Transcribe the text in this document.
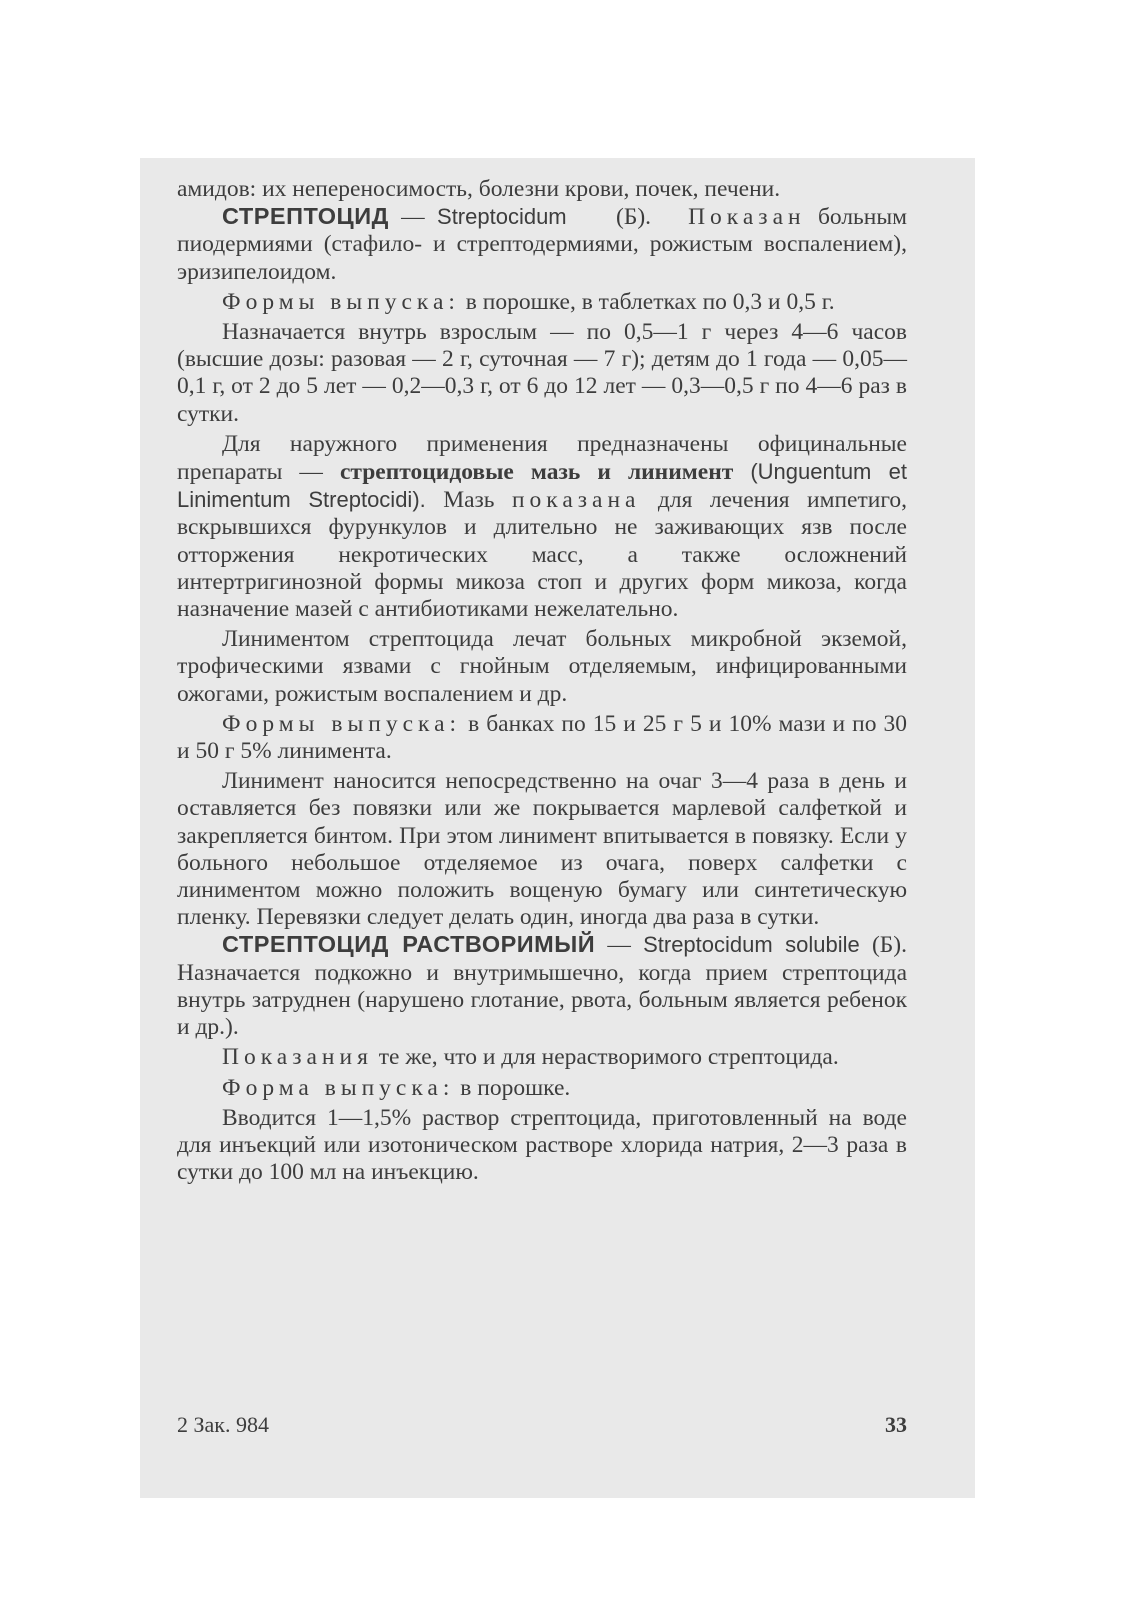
амидов: их непереносимость, болезни крови, почек, печени.

СТРЕПТОЦИД — Streptocidum (Б). Показан больным пиодермиями (стафило- и стрептодермиями, рожистым воспалением), эризипелоидом.

Формы выпуска: в порошке, в таблетках по 0,3 и 0,5 г.

Назначается внутрь взрослым — по 0,5—1 г через 4—6 часов (высшие дозы: разовая — 2 г, суточная — 7 г); детям до 1 года — 0,05—0,1 г, от 2 до 5 лет — 0,2—0,3 г, от 6 до 12 лет — 0,3—0,5 г по 4—6 раз в сутки.

Для наружного применения предназначены официнальные препараты — стрептоцидовые мазь и линимент (Unguentum et Linimentum Streptocidi). Мазь показана для лечения импетиго, вскрывшихся фурункулов и длительно не заживающих язв после отторжения некротических масс, а также осложнений интертригинозной формы микоза стоп и других форм микоза, когда назначение мазей с антибиотиками нежелательно.

Линиментом стрептоцида лечат больных микробной экземой, трофическими язвами с гнойным отделяемым, инфицированными ожогами, рожистым воспалением и др.

Формы выпуска: в банках по 15 и 25 г 5 и 10% мази и по 30 и 50 г 5% линимента.

Линимент наносится непосредственно на очаг 3—4 раза в день и оставляется без повязки или же покрывается марлевой салфеткой и закрепляется бинтом. При этом линимент впитывается в повязку. Если у больного небольшое отделяемое из очага, поверх салфетки с линиментом можно положить вощеную бумагу или синтетическую пленку. Перевязки следует делать один, иногда два раза в сутки.

СТРЕПТОЦИД РАСТВОРИМЫЙ — Streptocidum solubile (Б). Назначается подкожно и внутримышечно, когда прием стрептоцида внутрь затруднен (нарушено глотание, рвота, больным является ребенок и др.).

Показания те же, что и для нерастворимого стрептоцида.

Форма выпуска: в порошке.

Вводится 1—1,5% раствор стрептоцида, приготовленный на воде для инъекций или изотоническом растворе хлорида натрия, 2—3 раза в сутки до 100 мл на инъекцию.

2 Зак. 984	33
